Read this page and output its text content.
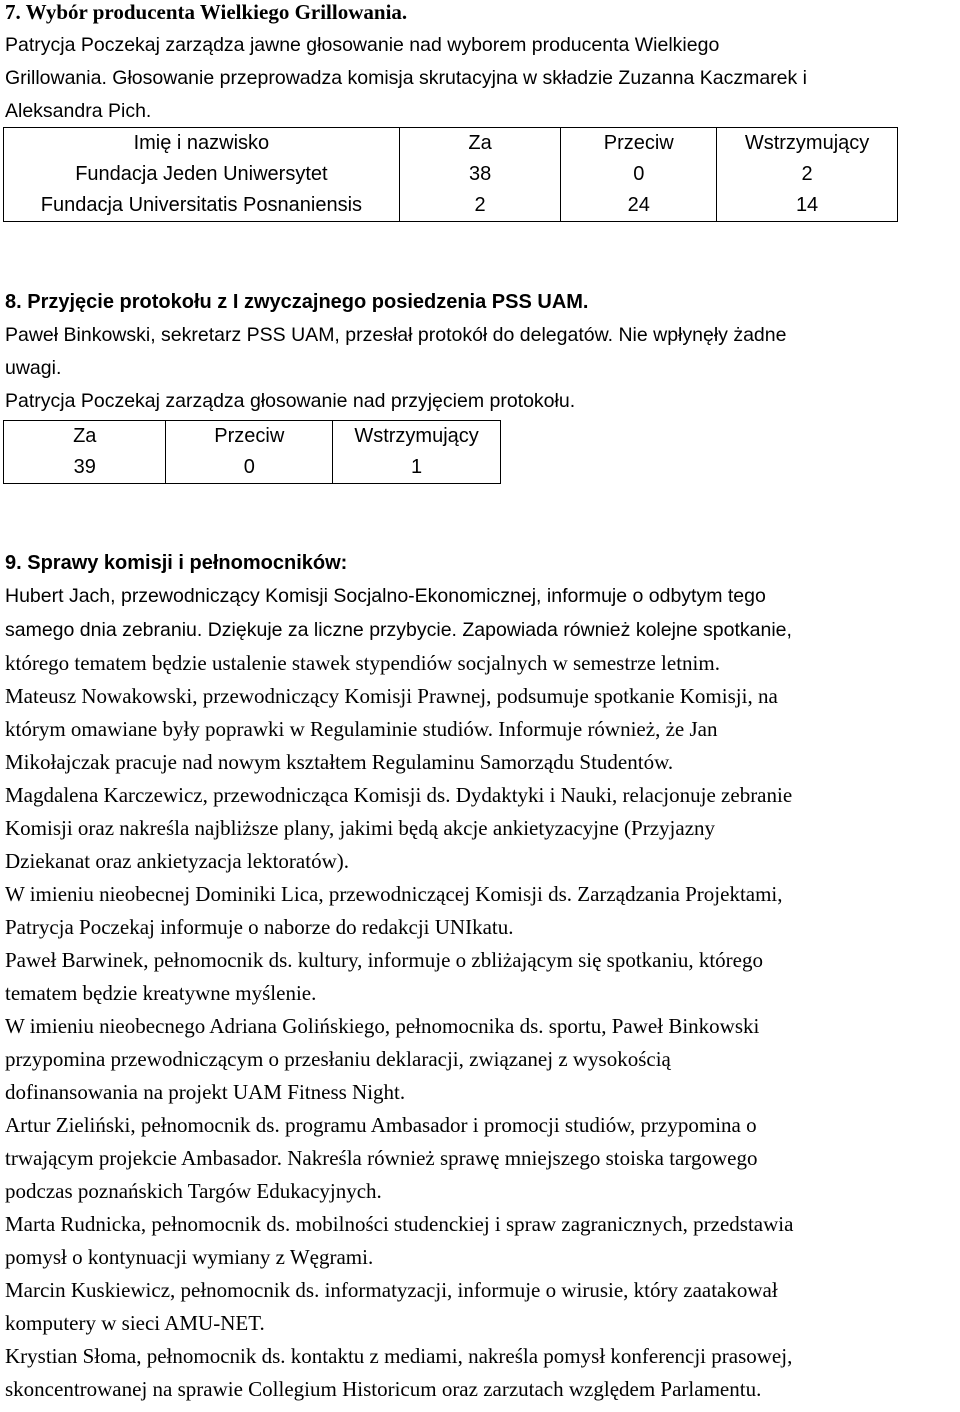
7. Wybór producenta Wielkiego Grillowania.
Patrycja Poczekaj zarządza jawne głosowanie nad wyborem producenta Wielkiego
Grillowania. Głosowanie przeprowadza komisja skrutacyjna w składzie Zuzanna Kaczmarek i
Aleksandra Pich.
Imię i nazwisko	Za	Przeciw	Wstrzymujący
Fundacja Jeden Uniwersytet	38	0	2
Fundacja Universitatis Posnaniensis	2	24	14
8. Przyjęcie protokołu z I zwyczajnego posiedzenia PSS UAM.
Paweł Binkowski, sekretarz PSS UAM, przesłał protokół do delegatów. Nie wpłynęły żadne
uwagi.
Patrycja Poczekaj zarządza głosowanie nad przyjęciem protokołu.
Za	Przeciw	Wstrzymujący
39	0	1
9. Sprawy komisji i pełnomocników:
Hubert Jach, przewodniczący Komisji Socjalno-Ekonomicznej, informuje o odbytym tego
samego dnia zebraniu. Dziękuje za liczne przybycie. Zapowiada również kolejne spotkanie,
którego tematem będzie ustalenie stawek stypendiów socjalnych w semestrze letnim.
Mateusz Nowakowski, przewodniczący Komisji Prawnej, podsumuje spotkanie Komisji, na
którym omawiane były poprawki w Regulaminie studiów. Informuje również, że Jan
Mikołajczak pracuje nad nowym kształtem Regulaminu Samorządu Studentów.
Magdalena Karczewicz, przewodnicząca Komisji ds. Dydaktyki i Nauki, relacjonuje zebranie
Komisji oraz nakreśla najbliższe plany, jakimi będą akcje ankietyzacyjne (Przyjazny
Dziekanat oraz ankietyzacja lektoratów).
W imieniu nieobecnej Dominiki Lica, przewodniczącej Komisji ds. Zarządzania Projektami,
Patrycja Poczekaj informuje o naborze do redakcji UNIkatu.
Paweł Barwinek, pełnomocnik ds. kultury, informuje o zbliżającym się spotkaniu, którego
tematem będzie kreatywne myślenie.
W imieniu nieobecnego Adriana Golińskiego, pełnomocnika ds. sportu, Paweł Binkowski
przypomina przewodniczącym o przesłaniu deklaracji, związanej z wysokością
dofinansowania na projekt UAM Fitness Night.
Artur Zieliński, pełnomocnik ds. programu Ambasador i promocji studiów, przypomina o
trwającym projekcie Ambasador. Nakreśla również sprawę mniejszego stoiska targowego
podczas poznańskich Targów Edukacyjnych.
Marta Rudnicka, pełnomocnik ds. mobilności studenckiej i spraw zagranicznych, przedstawia
pomysł o kontynuacji wymiany z Węgrami.
Marcin Kuskiewicz, pełnomocnik ds. informatyzacji, informuje o wirusie, który zaatakował
komputery w sieci AMU-NET.
Krystian Słoma, pełnomocnik ds. kontaktu z mediami, nakreśla pomysł konferencji prasowej,
skoncentrowanej na sprawie Collegium Historicum oraz zarzutach względem Parlamentu.
